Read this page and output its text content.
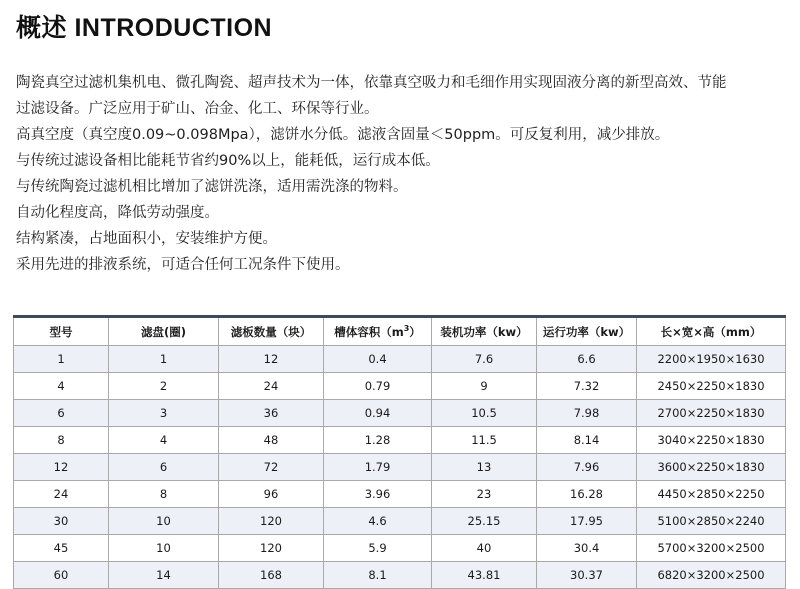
概述 INTRODUCTION

陶瓷真空过滤机集机电、微孔陶瓷、超声技术为一体，依靠真空吸力和毛细作用实现固液分离的新型高效、节能

过滤设备。广泛应用于矿山、冶金、化工、环保等行业。

高真空度（真空度0.09~0.098Mpa），滤饼水分低。滤液含固量＜50ppm。可反复利用，减少排放。

与传统过滤设备相比能耗节省约90%以上，能耗低，运行成本低。

与传统陶瓷过滤机相比增加了滤饼洗涤，适用需洗涤的物料。

自动化程度高，降低劳动强度。

结构紧凑，占地面积小，安装维护方便。

采用先进的排液系统，可适合任何工况条件下使用。

型号	滤盘(圈)	滤板数量（块）	槽体容积$(m^3)$	装机功率（kw）	运行功率（kw）	长×宽×高（mm）
1	1	12	0.4	7.6	6.6	2200×1950×1630
4	2	24	0.79	9	7.32	2450×2250×1830
6	3	36	0.94	10.5	7.98	2700×2250×1830
8	4	48	1.28	11.5	8.14	3040×2250×1830
12	6	72	1.79	13	7.96	3600×2250×1830
24	8	96	3.96	23	16.28	4450×2850×2250
30	10	120	4.6	25.15	17.95	5100×2850×2240
45	10	120	5.9	40	30.4	5700×3200×2500
60	14	168	8.1	43.81	30.37	6820×3200×2500
